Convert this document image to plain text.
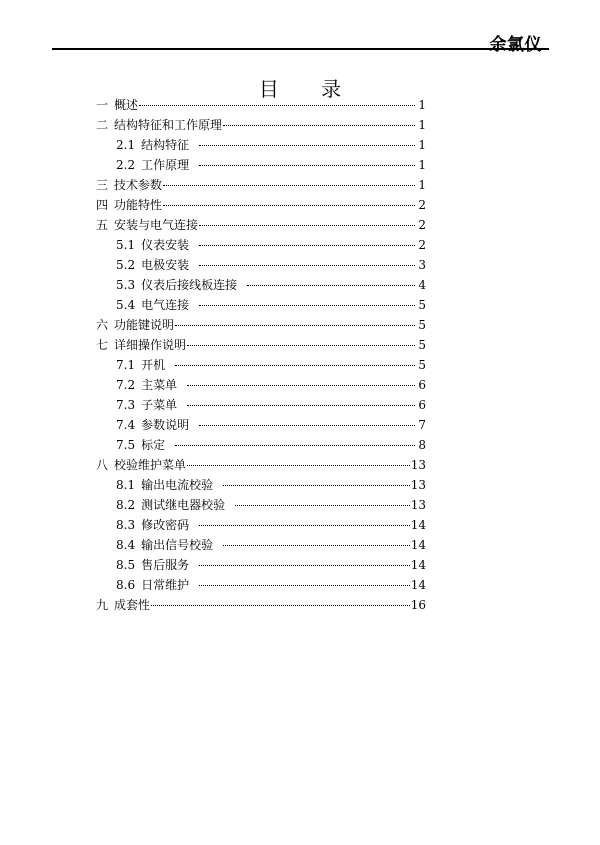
余氯仪
目 录
一 概述	1
二 结构特征和工作原理	1
2.1 结构特征	1
2.2 工作原理	1
三 技术参数	1
四 功能特性	2
五 安装与电气连接	2
5.1 仪表安装	2
5.2 电极安装	3
5.3 仪表后接线板连接	4
5.4 电气连接	5
六 功能键说明	5
七 详细操作说明	5
7.1 开机	5
7.2 主菜单	6
7.3 子菜单	6
7.4 参数说明	7
7.5 标定	8
八 校验维护菜单	13
8.1 输出电流校验	13
8.2 测试继电器校验	13
8.3 修改密码	14
8.4 输出信号校验	14
8.5 售后服务	14
8.6 日常维护	14
九 成套性	16
